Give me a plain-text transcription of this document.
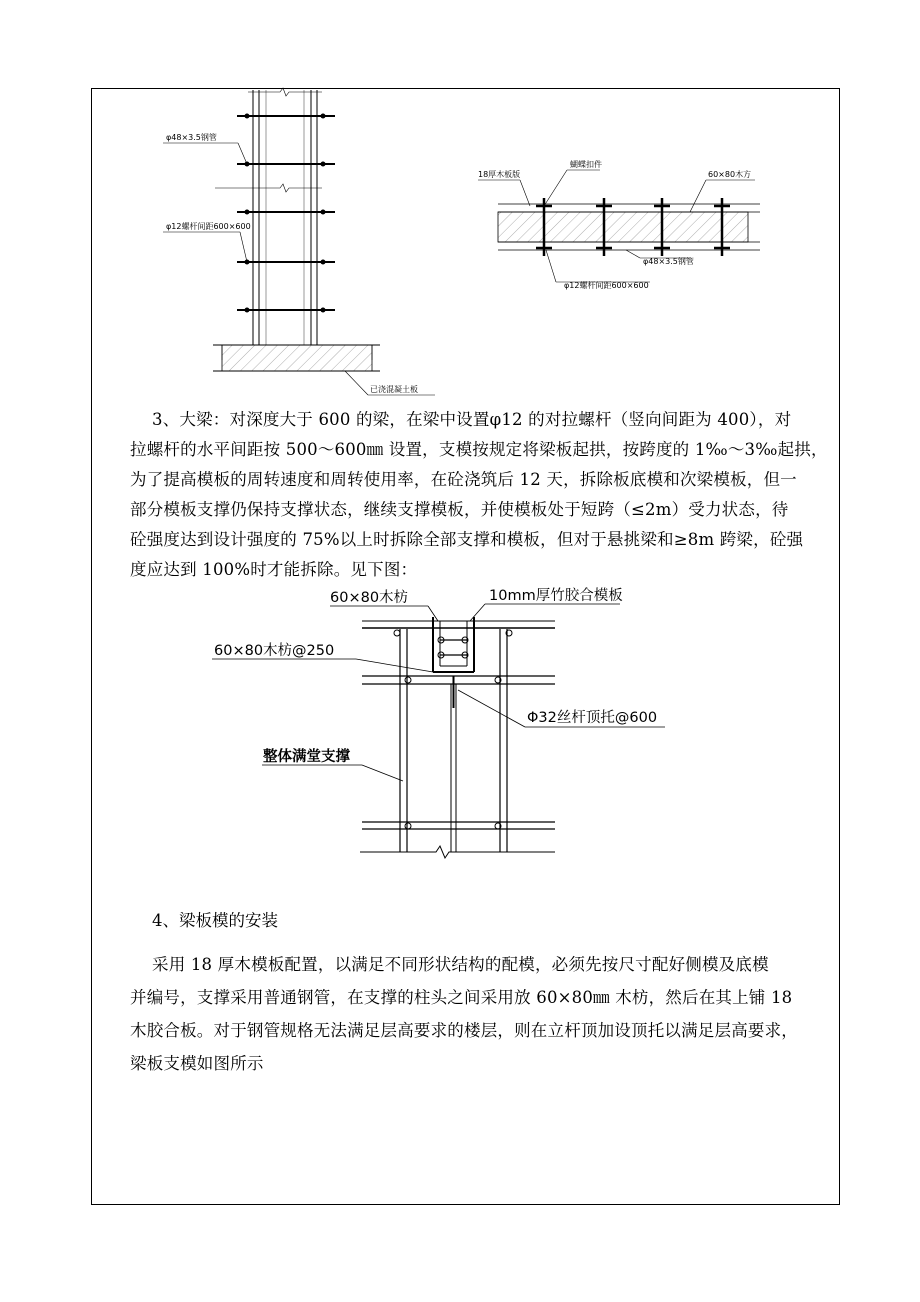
φ48×3.5钢管
φ12螺杆间距600×600
已浇混凝土板
18厚木板版
蝴蝶扣件
60×80木方
φ48×3.5钢管
φ12螺杆间距600×600
3、大梁：对深度大于 600 的梁，在梁中设置φ12 的对拉螺杆（竖向间距为 400），对
拉螺杆的水平间距按 500～600㎜ 设置，支模按规定将梁板起拱，按跨度的 1‰～3‰起拱，
为了提高模板的周转速度和周转使用率，在砼浇筑后 12 天，拆除板底模和次梁模板，但一
部分模板支撑仍保持支撑状态，继续支撑模板，并使模板处于短跨（≤2m）受力状态，待
砼强度达到设计强度的 75%以上时拆除全部支撑和模板，但对于悬挑梁和≥8m 跨梁，砼强
度应达到 100%时才能拆除。见下图：
60×80木枋	10mm厚竹胶合模板
60×80木枋@250
Φ32丝杆顶托@600
整体满堂支撑
4、梁板模的安装
采用 18 厚木模板配置，以满足不同形状结构的配模，必须先按尺寸配好侧模及底模
并编号，支撑采用普通钢管，在支撑的柱头之间采用放 60×80㎜ 木枋，然后在其上铺 18
木胶合板。对于钢管规格无法满足层高要求的楼层，则在立杆顶加设顶托以满足层高要求，
梁板支模如图所示
